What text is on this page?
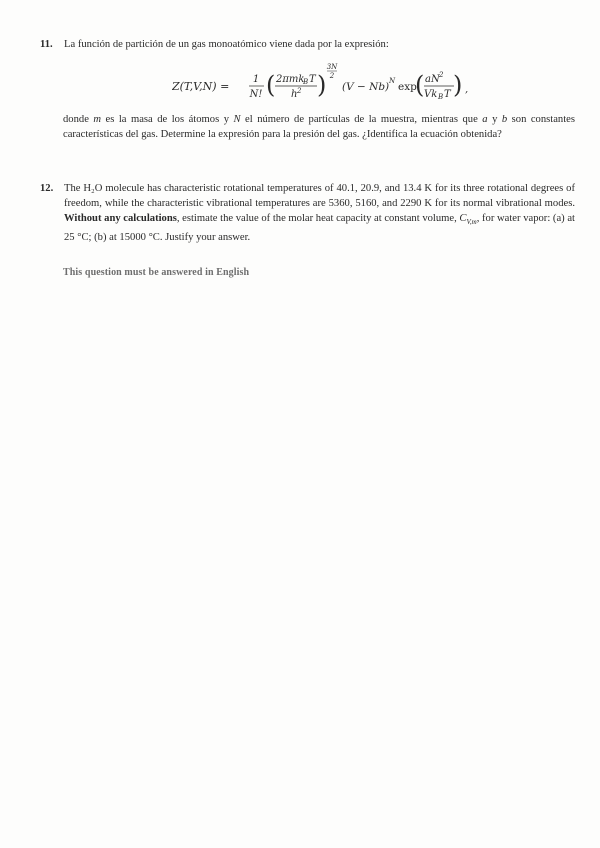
11. La función de partición de un gas monoatómico viene dada por la expresión:
Z(T,V,N) =
1
N! ( 2πmk
B T
h 2 )
3N
2
(V − Nb) N exp
( aN 2
Vk B T ) ,
donde m es la masa de los átomos y N el número de partículas de la muestra, mientras que a y b son constantes características del gas. Determine la expresión para la presión del gas. ¿Identifica la ecuación obtenida?
12. The H₂O molecule has characteristic rotational temperatures of 40.1, 20.9, and 13.4 K for its three rotational degrees of freedom, while the characteristic vibrational temperatures are 5360, 5160, and 2290 K for its normal vibrational modes. Without any calculations, estimate the value of the molar heat capacity at constant volume, $C_{V,m}$, for water vapor: (a) at 25 °C; (b) at 15000 °C. Justify your answer.
This question must be answered in English
